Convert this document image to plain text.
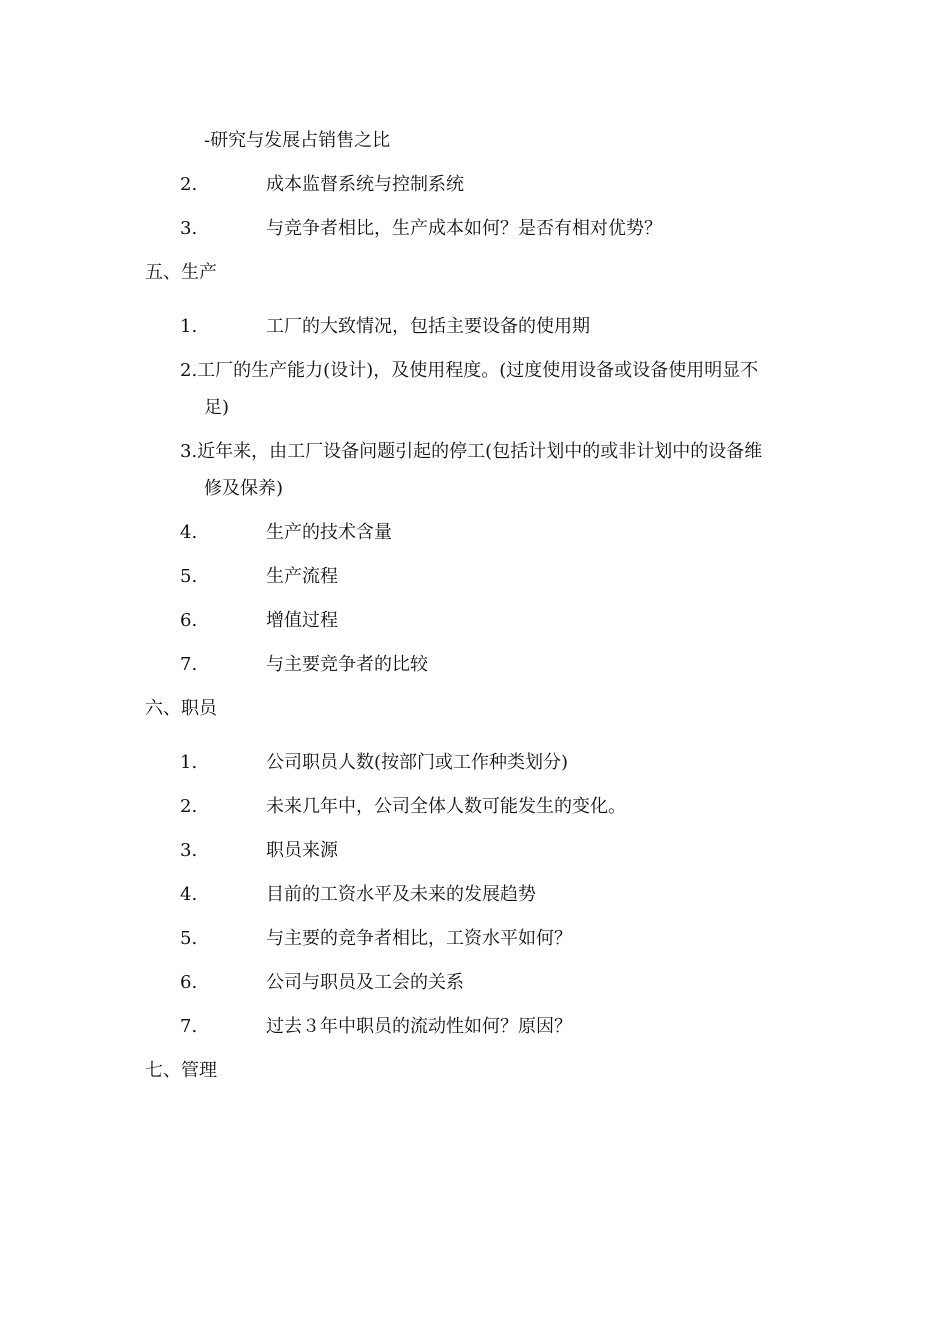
-研究与发展占销售之比
2.	成本监督系统与控制系统
3.	与竞争者相比，生产成本如何？是否有相对优势？
五、生产
1.	工厂的大致情况，包括主要设备的使用期
2.工厂的生产能力(设计)，及使用程度。(过度使用设备或设备使用明显不
足)
3.近年来，由工厂设备问题引起的停工(包括计划中的或非计划中的设备维
修及保养)
4.	生产的技术含量
5.	生产流程
6.	增值过程
7.	与主要竞争者的比较
六、职员
1.	公司职员人数(按部门或工作种类划分)
2.	未来几年中，公司全体人数可能发生的变化。
3.	职员来源
4.	目前的工资水平及未来的发展趋势
5.	与主要的竞争者相比，工资水平如何？
6.	公司与职员及工会的关系
7.	过去３年中职员的流动性如何？原因？
七、管理
